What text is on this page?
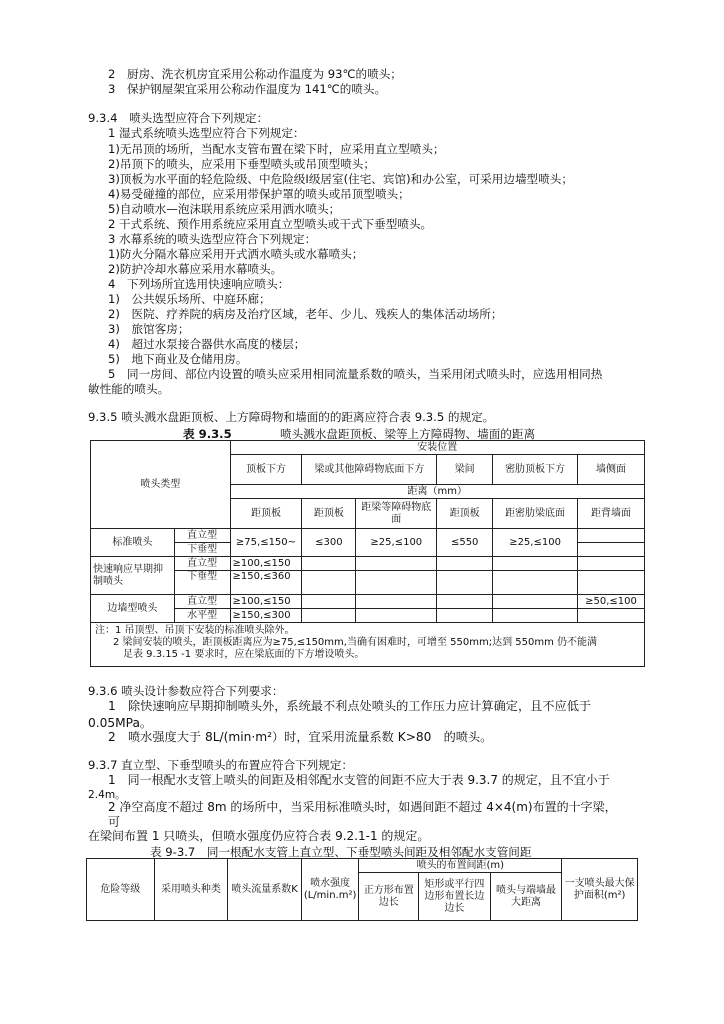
2　厨房、洗衣机房宜采用公称动作温度为 93℃的喷头；
3　保护钢屋架宜采用公称动作温度为 141℃的喷头。
9.3.4　喷头选型应符合下列规定：
1 湿式系统喷头选型应符合下列规定：
1)无吊顶的场所，当配水支管布置在梁下时，应采用直立型喷头；
2)吊顶下的喷头，应采用下垂型喷头或吊顶型喷头；
3)顶板为水平面的轻危险级、中危险级Ⅰ级居室(住宅、宾馆)和办公室，可采用边墙型喷头；
4)易受碰撞的部位，应采用带保护罩的喷头或吊顶型喷头；
5)自动喷水—泡沫联用系统应采用洒水喷头；
2 干式系统、预作用系统应采用直立型喷头或干式下垂型喷头。
3 水幕系统的喷头选型应符合下列规定：
1)防火分隔水幕应采用开式洒水喷头或水幕喷头；
2)防护冷却水幕应采用水幕喷头。
4　下列场所宜选用快速响应喷头：
1)　公共娱乐场所、中庭环廊；
2)　医院、疗养院的病房及治疗区域，老年、少儿、残疾人的集体活动场所；
3)　旅馆客房；
4)　超过水泵接合器供水高度的楼层；
5)　地下商业及仓储用房。
5　同一房间、部位内设置的喷头应采用相同流量系数的喷头，当采用闭式喷头时，应选用相同热
敏性能的喷头。
9.3.5 喷头溅水盘距顶板、上方障碍物和墙面的的距离应符合表 9.3.5 的规定。
表 9.3.5	喷头溅水盘距顶板、梁等上方障碍物、墙面的距离
喷头类型		安装位置					
		顶板下方	梁或其他障碍物底面下方		梁间	密肋顶板下方	墙侧面
		距离（mm）					
		距顶板	距顶板	距梁等障碍物底面	距顶板	距密肋梁底面	距背墙面
标准喷头	直立型	≥75,≤150~	≤300	≥25,≤100	≤550	≥25,≤100	
	下垂型						
快速响应早期抑制喷头	直立型	≥100,≤150					
	下垂型	≥150,≤360					
边墙型喷头	直立型	≥100,≤150					≥50,≤100
	水平型	≥150,≤300					

注：1 吊顶型、吊顶下安装的标准喷头除外。
2 梁间安装的喷头，距顶板距离应为≥75,≤150mm,当确有困难时，可增至 550mm;达到 550mm 仍不能满
足表 9.3.15 -1 要求时，应在梁底面的下方增设喷头。							
9.3.6 喷头设计参数应符合下列要求：
1　除快速响应早期抑制喷头外，系统最不利点处喷头的工作压力应计算确定，且不应低于
0.05MPa。
2　喷水强度大于 8L/(min·m²）时，宜采用流量系数 K>80　的喷头。
9.3.7 直立型、下垂型喷头的布置应符合下列规定：
1　同一根配水支管上喷头的间距及相邻配水支管的间距不应大于表 9.3.7 的规定，且不宜小于
2.4m。
2 净空高度不超过 8m 的场所中，当采用标准喷头时，如遇间距不超过 4×4(m)布置的十字梁，
可
在梁间布置 1 只喷头，但喷水强度仍应符合表 9.2.1-1 的规定。
表 9-3.7　同一根配水支管上直立型、下垂型喷头间距及相邻配水支管间距
危险等级	采用喷头种类	喷头流量系数K	喷水强度(L/min.m²)	喷头的布置间距(m)			一支喷头最大保护面积(m²)
				正方形布置边长	矩形或平行四边形布置长边边长	喷头与端墙最大距离	
